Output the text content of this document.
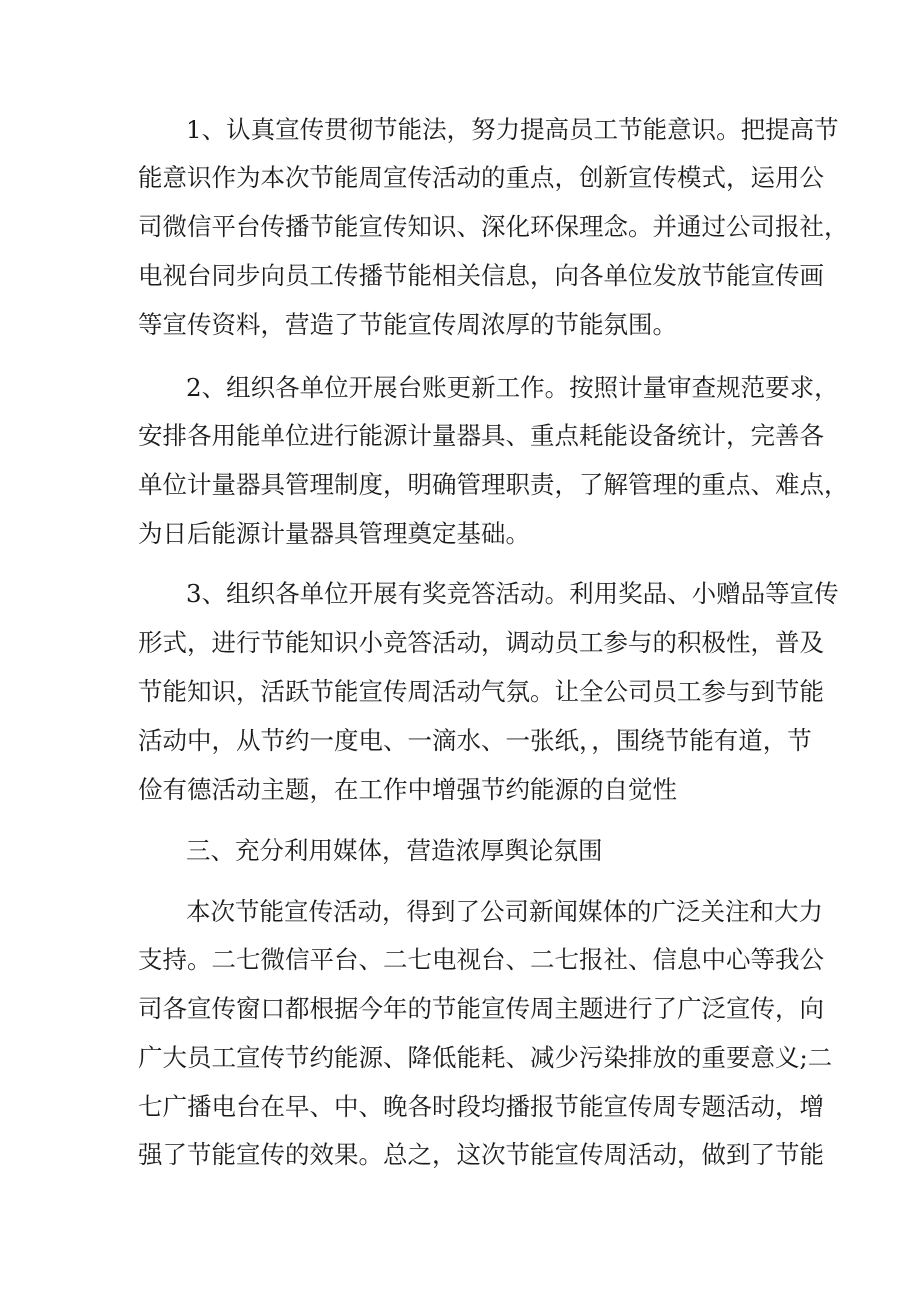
1、认真宣传贯彻节能法，努力提高员工节能意识。把提高节

能意识作为本次节能周宣传活动的重点，创新宣传模式，运用公

司微信平台传播节能宣传知识、深化环保理念。并通过公司报社，

电视台同步向员工传播节能相关信息，向各单位发放节能宣传画

等宣传资料，营造了节能宣传周浓厚的节能氛围。

2、组织各单位开展台账更新工作。按照计量审查规范要求，

安排各用能单位进行能源计量器具、重点耗能设备统计，完善各

单位计量器具管理制度，明确管理职责，了解管理的重点、难点，

为日后能源计量器具管理奠定基础。

3、组织各单位开展有奖竞答活动。利用奖品、小赠品等宣传

形式，进行节能知识小竞答活动，调动员工参与的积极性，普及

节能知识，活跃节能宣传周活动气氛。让全公司员工参与到节能

活动中，从节约一度电、一滴水、一张纸，，围绕节能有道，节

俭有德活动主题，在工作中增强节约能源的自觉性

三、充分利用媒体，营造浓厚舆论氛围

本次节能宣传活动，得到了公司新闻媒体的广泛关注和大力

支持。二七微信平台、二七电视台、二七报社、信息中心等我公

司各宣传窗口都根据今年的节能宣传周主题进行了广泛宣传，向

广大员工宣传节约能源、降低能耗、减少污染排放的重要意义;二

七广播电台在早、中、晚各时段均播报节能宣传周专题活动，增

强了节能宣传的效果。总之，这次节能宣传周活动，做到了节能
